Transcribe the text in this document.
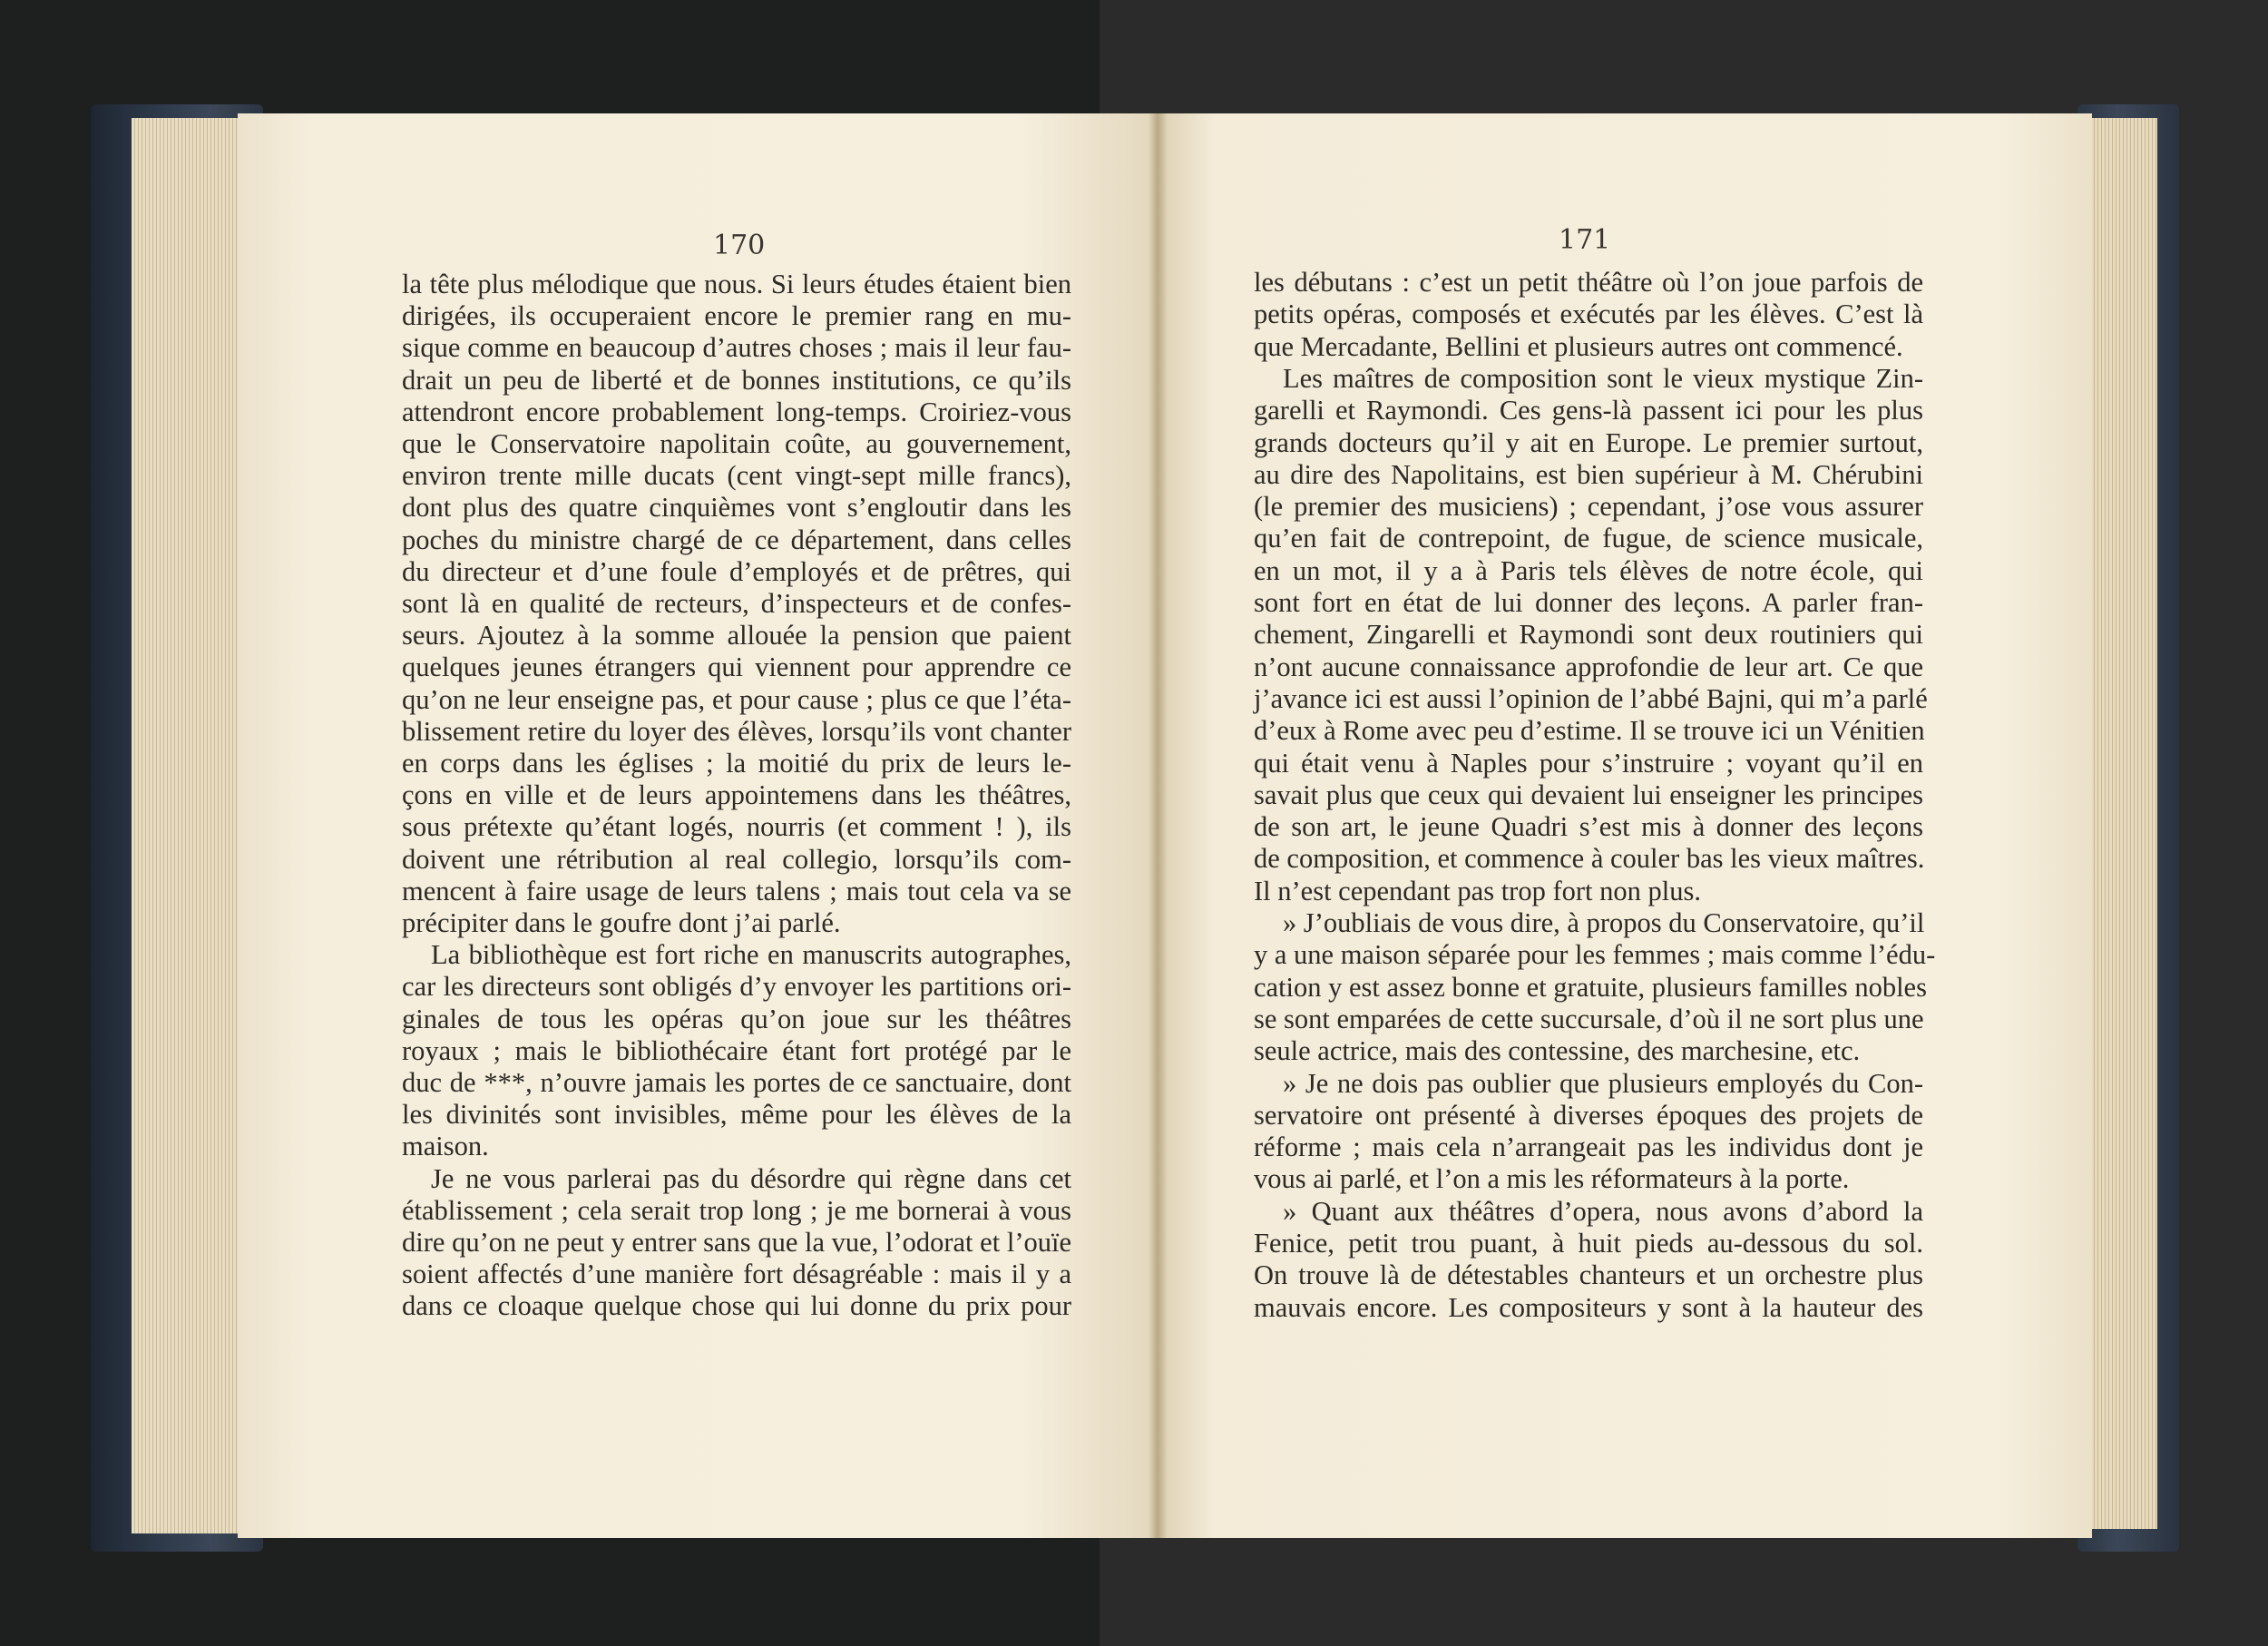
170	171
la tête plus mélodique que nous. Si leurs études étaient bien
dirigées, ils occuperaient encore le premier rang en mu-
sique comme en beaucoup d’autres choses ; mais il leur fau-
drait un peu de liberté et de bonnes institutions, ce qu’ils
attendront encore probablement long-temps. Croiriez-vous
que le Conservatoire napolitain coûte, au gouvernement,
environ trente mille ducats (cent vingt-sept mille francs),
dont plus des quatre cinquièmes vont s’engloutir dans les
poches du ministre chargé de ce département, dans celles
du directeur et d’une foule d’employés et de prêtres, qui
sont là en qualité de recteurs, d’inspecteurs et de confes-
seurs. Ajoutez à la somme allouée la pension que paient
quelques jeunes étrangers qui viennent pour apprendre ce
qu’on ne leur enseigne pas, et pour cause ; plus ce que l’éta-
blissement retire du loyer des élèves, lorsqu’ils vont chanter
en corps dans les églises ; la moitié du prix de leurs le-
çons en ville et de leurs appointemens dans les théâtres,
sous prétexte qu’étant logés, nourris (et comment ! ), ils
doivent une rétribution al real collegio, lorsqu’ils com-
mencent à faire usage de leurs talens ; mais tout cela va se
précipiter dans le goufre dont j’ai parlé.
La bibliothèque est fort riche en manuscrits autographes,
car les directeurs sont obligés d’y envoyer les partitions ori-
ginales de tous les opéras qu’on joue sur les théâtres
royaux ; mais le bibliothécaire étant fort protégé par le
duc de ***, n’ouvre jamais les portes de ce sanctuaire, dont
les divinités sont invisibles, même pour les élèves de la
maison.
Je ne vous parlerai pas du désordre qui règne dans cet
établissement ; cela serait trop long ; je me bornerai à vous
dire qu’on ne peut y entrer sans que la vue, l’odorat et l’ouïe
soient affectés d’une manière fort désagréable : mais il y a
dans ce cloaque quelque chose qui lui donne du prix pour
les débutans : c’est un petit théâtre où l’on joue parfois de
petits opéras, composés et exécutés par les élèves. C’est là
que Mercadante, Bellini et plusieurs autres ont commencé.
Les maîtres de composition sont le vieux mystique Zin-
garelli et Raymondi. Ces gens-là passent ici pour les plus
grands docteurs qu’il y ait en Europe. Le premier surtout,
au dire des Napolitains, est bien supérieur à M. Chérubini
(le premier des musiciens) ; cependant, j’ose vous assurer
qu’en fait de contrepoint, de fugue, de science musicale,
en un mot, il y a à Paris tels élèves de notre école, qui
sont fort en état de lui donner des leçons. A parler fran-
chement, Zingarelli et Raymondi sont deux routiniers qui
n’ont aucune connaissance approfondie de leur art. Ce que
j’avance ici est aussi l’opinion de l’abbé Bajni, qui m’a parlé
d’eux à Rome avec peu d’estime. Il se trouve ici un Vénitien
qui était venu à Naples pour s’instruire ; voyant qu’il en
savait plus que ceux qui devaient lui enseigner les principes
de son art, le jeune Quadri s’est mis à donner des leçons
de composition, et commence à couler bas les vieux maîtres.
Il n’est cependant pas trop fort non plus.
» J’oubliais de vous dire, à propos du Conservatoire, qu’il
y a une maison séparée pour les femmes ; mais comme l’édu-
cation y est assez bonne et gratuite, plusieurs familles nobles
se sont emparées de cette succursale, d’où il ne sort plus une
seule actrice, mais des contessine, des marchesine, etc.
» Je ne dois pas oublier que plusieurs employés du Con-
servatoire ont présenté à diverses époques des projets de
réforme ; mais cela n’arrangeait pas les individus dont je
vous ai parlé, et l’on a mis les réformateurs à la porte.
» Quant aux théâtres d’opera, nous avons d’abord la
Fenice, petit trou puant, à huit pieds au-dessous du sol.
On trouve là de détestables chanteurs et un orchestre plus
mauvais encore. Les compositeurs y sont à la hauteur des
